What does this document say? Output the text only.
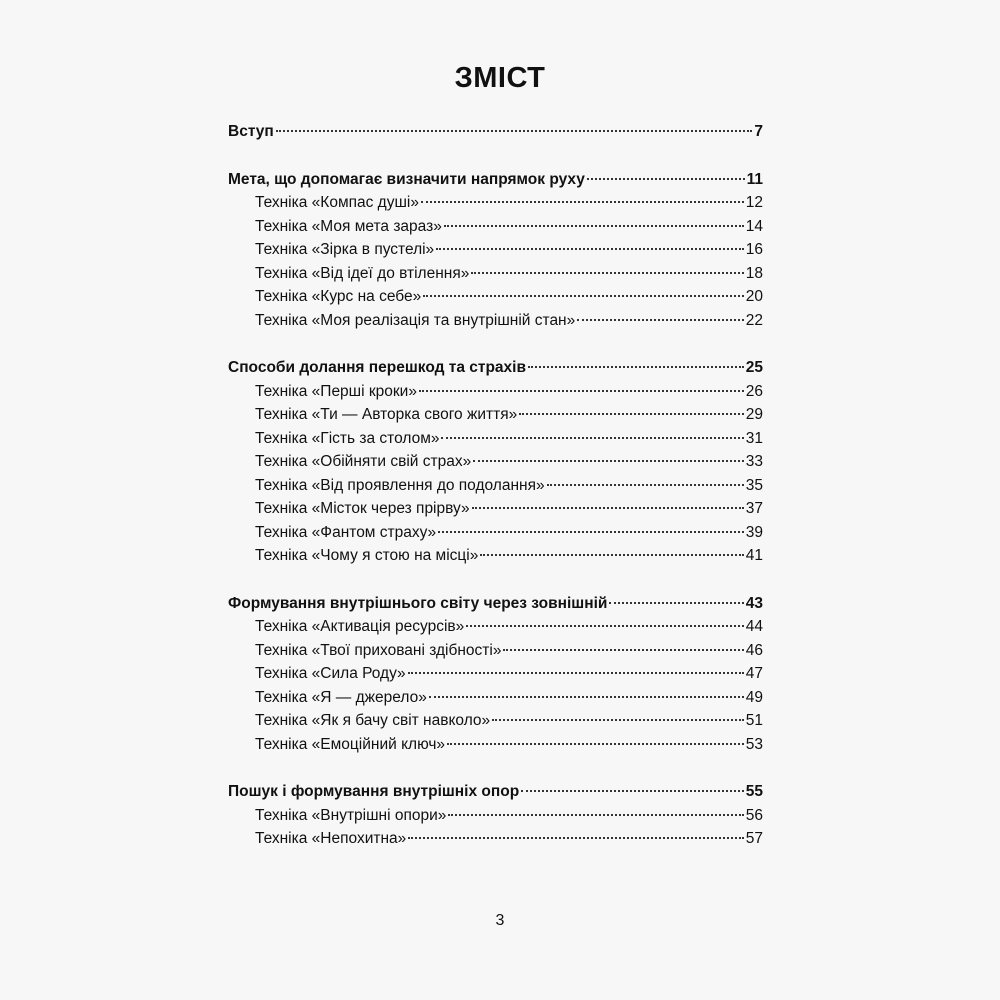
ЗМІСТ
Вступ	7
Мета, що допомагає визначити напрямок руху	11
Техніка «Компас душі»	12
Техніка «Моя мета зараз»	14
Техніка «Зірка в пустелі»	16
Техніка «Від ідеї до втілення»	18
Техніка «Курс на себе»	20
Техніка «Моя реалізація та внутрішній стан»	22
Способи долання перешкод та страхів	25
Техніка «Перші кроки»	26
Техніка «Ти — Авторка свого життя»	29
Техніка «Гість за столом»	31
Техніка «Обійняти свій страх»	33
Техніка «Від проявлення до подолання»	35
Техніка «Місток через прірву»	37
Техніка «Фантом страху»	39
Техніка «Чому я стою на місці»	41
Формування внутрішнього світу через зовнішній	43
Техніка «Активація ресурсів»	44
Техніка «Твої приховані здібності»	46
Техніка «Сила Роду»	47
Техніка «Я — джерело»	49
Техніка «Як я бачу світ навколо»	51
Техніка «Емоційний ключ»	53
Пошук і формування внутрішніх опор	55
Техніка «Внутрішні опори»	56
Техніка «Непохитна»	57
3
